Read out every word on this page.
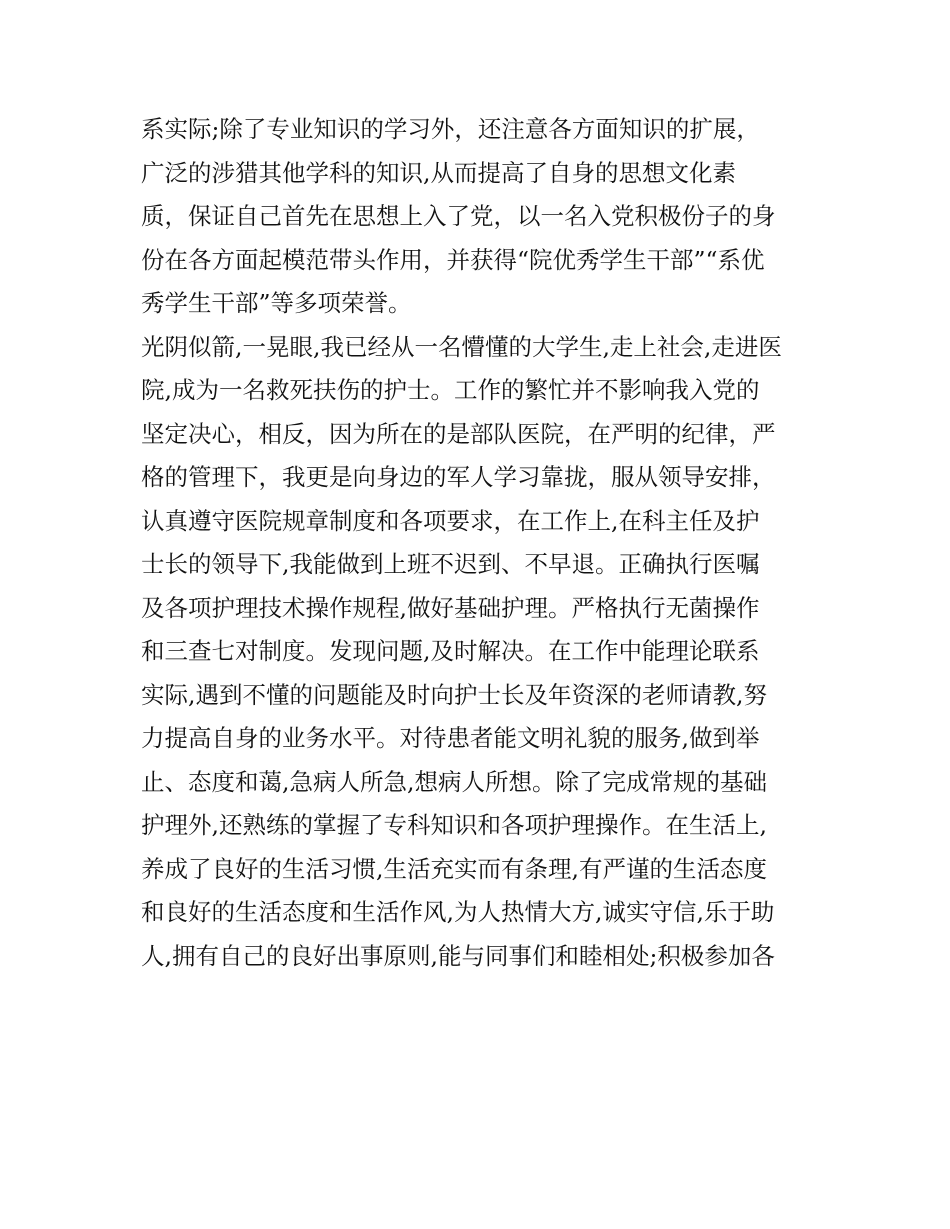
系实际;除了专业知识的学习外，还注意各方面知识的扩展，
广泛的涉猎其他学科的知识,从而提高了自身的思想文化素
质，保证自己首先在思想上入了党，以一名入党积极份子的身
份在各方面起模范带头作用，并获得“院优秀学生干部”“系优
秀学生干部”等多项荣誉。
光阴似箭,一晃眼,我已经从一名懵懂的大学生,走上社会,走进医
院,成为一名救死扶伤的护士。工作的繁忙并不影响我入党的
坚定决心，相反，因为所在的是部队医院，在严明的纪律，严
格的管理下，我更是向身边的军人学习靠拢，服从领导安排，
认真遵守医院规章制度和各项要求，在工作上,在科主任及护
士长的领导下,我能做到上班不迟到、不早退。正确执行医嘱
及各项护理技术操作规程,做好基础护理。严格执行无菌操作
和三查七对制度。发现问题,及时解决。在工作中能理论联系
实际,遇到不懂的问题能及时向护士长及年资深的老师请教,努
力提高自身的业务水平。对待患者能文明礼貌的服务,做到举
止、态度和蔼,急病人所急,想病人所想。除了完成常规的基础
护理外,还熟练的掌握了专科知识和各项护理操作。在生活上,
养成了良好的生活习惯,生活充实而有条理,有严谨的生活态度
和良好的生活态度和生活作风,为人热情大方,诚实守信,乐于助
人,拥有自己的良好出事原则,能与同事们和睦相处;积极参加各
